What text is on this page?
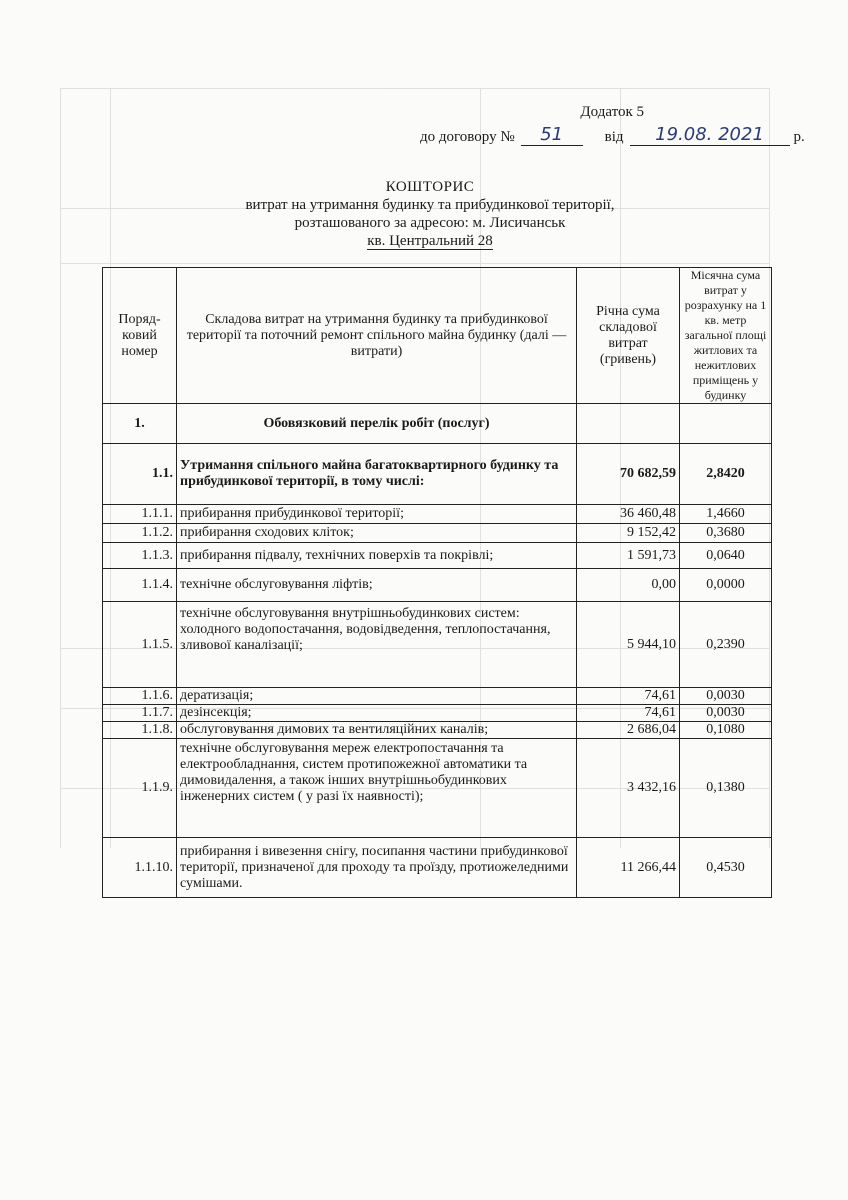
Додаток 5
до договору №	51	від	19.08. 2021	р.
КОШТОРИС
витрат на утримання будинку та прибудинкової території,
розташованого за адресою: м. Лисичанськ
кв. Центральний 28
Поряд-ковий номер	Складова витрат на утримання будинку та прибудинкової території та поточний ремонт спільного майна будинку (далі — витрати)	Річна сума складової витрат (гривень)	Місячна сума витрат у розрахунку на 1 кв. метр загальної площі житлових та нежитлових приміщень у будинку
1.	Обовязковий перелік робіт (послуг)		
1.1.	Утримання спільного майна багатоквартирного будинку та прибудинкової території, в тому числі:	70 682,59	2,8420
1.1.1.	прибирання прибудинкової території;	36 460,48	1,4660
1.1.2.	прибирання сходових кліток;	9 152,42	0,3680
1.1.3.	прибирання підвалу, технічних поверхів та покрівлі;	1 591,73	0,0640
1.1.4.	технічне обслуговування ліфтів;	0,00	0,0000
1.1.5.	технічне обслуговування внутрішньобудинкових систем: холодного водопостачання, водовідведення, теплопостачання, зливової каналізації;	5 944,10	0,2390
1.1.6.	дератизація;	74,61	0,0030
1.1.7.	дезінсекція;	74,61	0,0030
1.1.8.	обслуговування димових та вентиляційних каналів;	2 686,04	0,1080
1.1.9.	технічне обслуговування мереж електропостачання та електрообладнання, систем протипожежної автоматики та димовидалення, а також інших внутрішньобудинкових інженерних систем ( у разі їх наявності);	3 432,16	0,1380
1.1.10.	прибирання і вивезення снігу, посипання частини прибудинкової території, призначеної для проходу та проїзду, протиожеледними сумішами.	11 266,44	0,4530
